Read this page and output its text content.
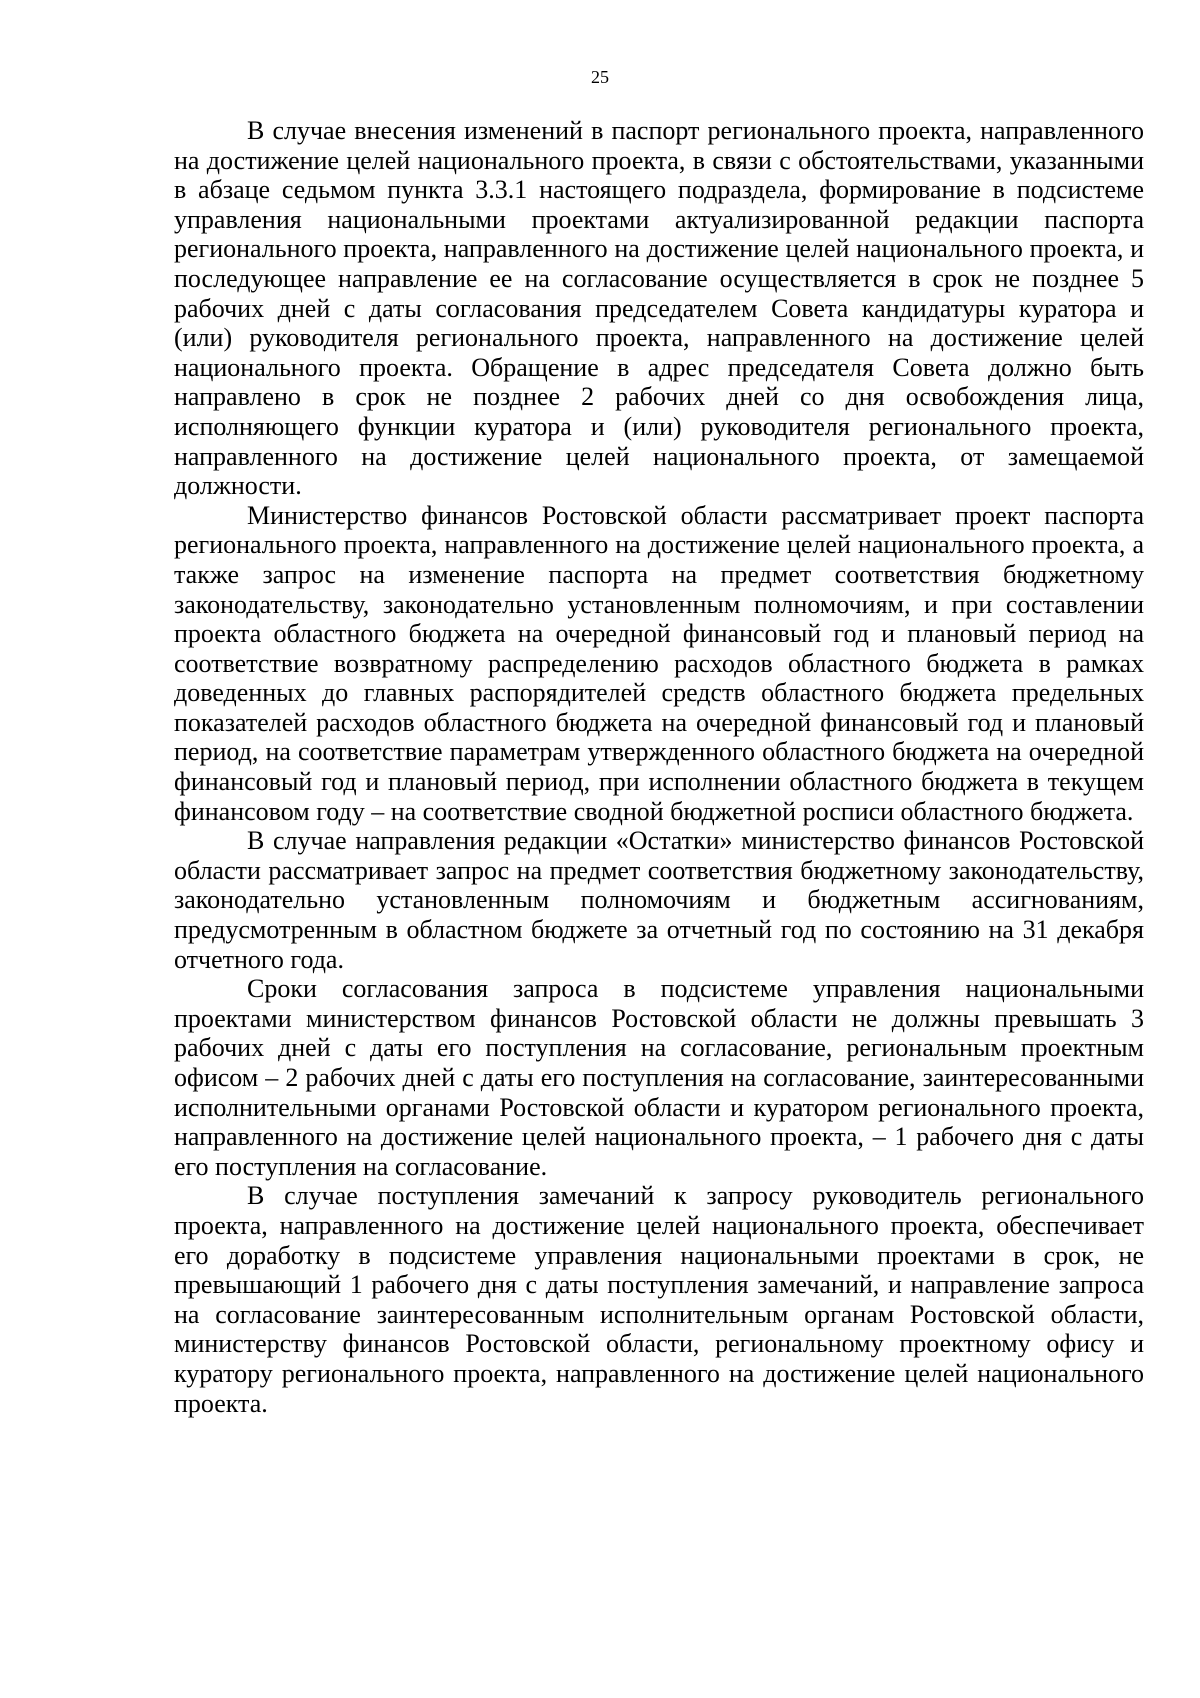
25

В случае внесения изменений в паспорт регионального проекта, направленного на достижение целей национального проекта, в связи с обстоятельствами, указанными в абзаце седьмом пункта 3.3.1 настоящего подраздела, формирование в подсистеме управления национальными проектами актуализированной редакции паспорта регионального проекта, направленного на достижение целей национального проекта, и последующее направление ее на согласование осуществляется в срок не позднее 5 рабочих дней с даты согласования председателем Совета кандидатуры куратора и (или) руководителя регионального проекта, направленного на достижение целей национального проекта. Обращение в адрес председателя Совета должно быть направлено в срок не позднее 2 рабочих дней со дня освобождения лица, исполняющего функции куратора и (или) руководителя регионального проекта, направленного на достижение целей национального проекта, от замещаемой должности.

Министерство финансов Ростовской области рассматривает проект паспорта регионального проекта, направленного на достижение целей национального проекта, а также запрос на изменение паспорта на предмет соответствия бюджетному законодательству, законодательно установленным полномочиям, и при составлении проекта областного бюджета на очередной финансовый год и плановый период на соответствие возвратному распределению расходов областного бюджета в рамках доведенных до главных распорядителей средств областного бюджета предельных показателей расходов областного бюджета на очередной финансовый год и плановый период, на соответствие параметрам утвержденного областного бюджета на очередной финансовый год и плановый период, при исполнении областного бюджета в текущем финансовом году – на соответствие сводной бюджетной росписи областного бюджета.

В случае направления редакции «Остатки» министерство финансов Ростовской области рассматривает запрос на предмет соответствия бюджетному законодательству, законодательно установленным полномочиям и бюджетным ассигнованиям, предусмотренным в областном бюджете за отчетный год по состоянию на 31 декабря отчетного года.

Сроки согласования запроса в подсистеме управления национальными проектами министерством финансов Ростовской области не должны превышать 3 рабочих дней с даты его поступления на согласование, региональным проектным офисом – 2 рабочих дней с даты его поступления на согласование, заинтересованными исполнительными органами Ростовской области и куратором регионального проекта, направленного на достижение целей национального проекта, – 1 рабочего дня с даты его поступления на согласование.

В случае поступления замечаний к запросу руководитель регионального проекта, направленного на достижение целей национального проекта, обеспечивает его доработку в подсистеме управления национальными проектами в срок, не превышающий 1 рабочего дня с даты поступления замечаний, и направление запроса на согласование заинтересованным исполнительным органам Ростовской области, министерству финансов Ростовской области, региональному проектному офису и куратору регионального проекта, направленного на достижение целей национального проекта.
